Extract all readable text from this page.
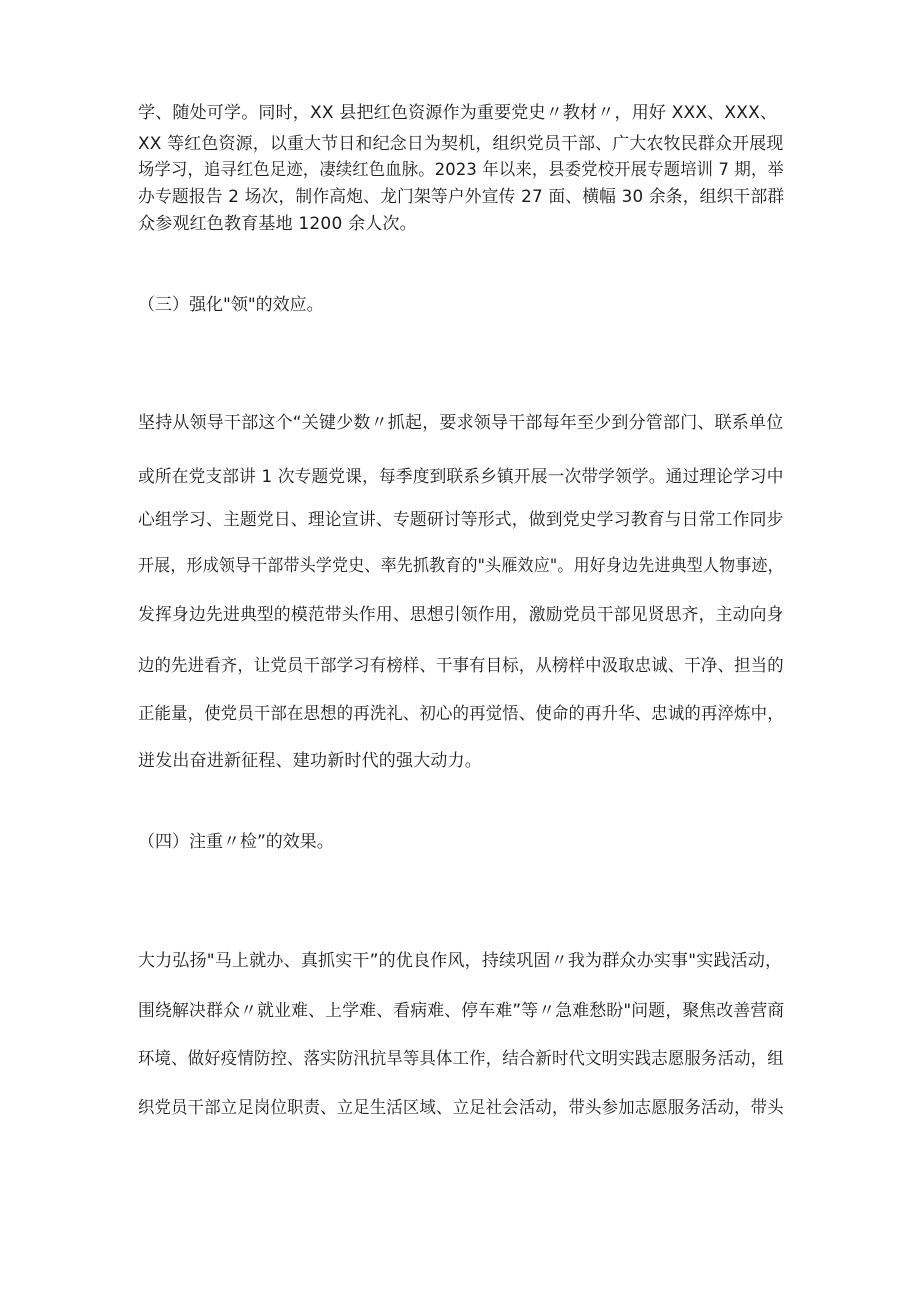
学、随处可学。同时，XX 县把红色资源作为重要党史〃教材〃，用好 XXX、XXX、
XX 等红色资源，以重大节日和纪念日为契机，组织党员干部、广大农牧民群众开展现
场学习，追寻红色足迹，凄续红色血脉。2023 年以来，县委党校开展专题培训 7 期，举
办专题报告 2 场次，制作高炮、龙门架等户外宣传 27 面、横幅 30 余条，组织干部群
众参观红色教育基地 1200 余人次。
（三）强化"领"的效应。
坚持从领导干部这个“关键少数〃抓起，要求领导干部每年至少到分管部门、联系单位
或所在党支部讲 1 次专题党课，每季度到联系乡镇开展一次带学领学。通过理论学习中
心组学习、主题党日、理论宣讲、专题研讨等形式，做到党史学习教育与日常工作同步
开展，形成领导干部带头学党史、率先抓教育的"头雁效应"。用好身边先进典型人物事迹，
发挥身边先进典型的模范带头作用、思想引领作用，激励党员干部见贤思齐，主动向身
边的先进看齐，让党员干部学习有榜样、干事有目标，从榜样中汲取忠诚、干净、担当的
正能量，使党员干部在思想的再洗礼、初心的再觉悟、使命的再升华、忠诚的再淬炼中，
迸发出奋进新征程、建功新时代的强大动力。
（四）注重〃检”的效果。
大力弘扬"马上就办、真抓实干”的优良作风，持续巩固〃我为群众办实事"实践活动，
围绕解决群众〃就业难、上学难、看病难、停车难”等〃急难愁盼"问题，聚焦改善营商
环境、做好疫情防控、落实防汛抗旱等具体工作，结合新时代文明实践志愿服务活动，组
织党员干部立足岗位职责、立足生活区域、立足社会活动，带头参加志愿服务活动，带头
